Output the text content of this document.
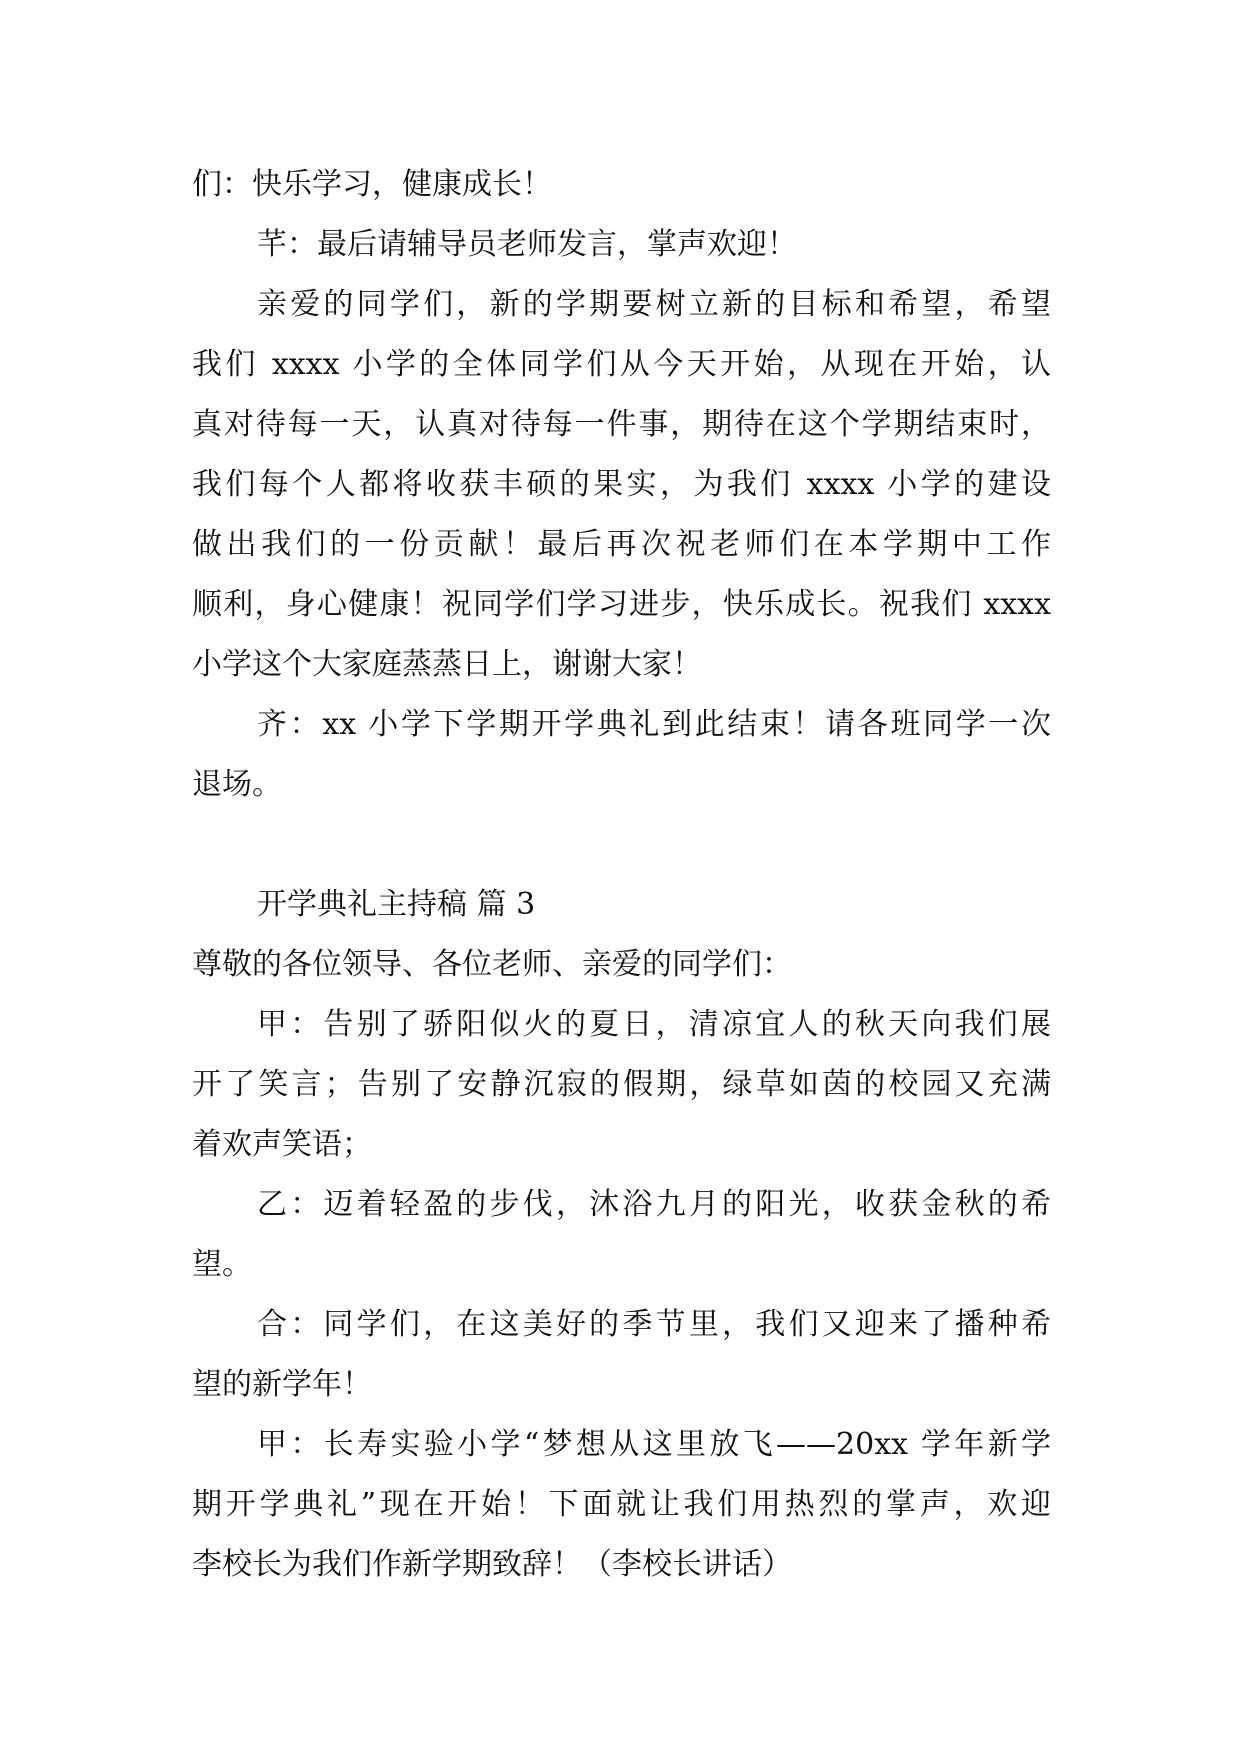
们：快乐学习，健康成长！
芊：最后请辅导员老师发言，掌声欢迎！
亲爱的同学们，新的学期要树立新的目标和希望，希望
我们 xxxx 小学的全体同学们从今天开始，从现在开始，认
真对待每一天，认真对待每一件事，期待在这个学期结束时，
我们每个人都将收获丰硕的果实，为我们 xxxx 小学的建设
做出我们的一份贡献！最后再次祝老师们在本学期中工作
顺利，身心健康！祝同学们学习进步，快乐成长。祝我们 xxxx
小学这个大家庭蒸蒸日上，谢谢大家！
齐：xx 小学下学期开学典礼到此结束！请各班同学一次
退场。
开学典礼主持稿 篇 3
尊敬的各位领导、各位老师、亲爱的同学们：
甲：告别了骄阳似火的夏日，清凉宜人的秋天向我们展
开了笑言；告别了安静沉寂的假期，绿草如茵的校园又充满
着欢声笑语；
乙：迈着轻盈的步伐，沐浴九月的阳光，收获金秋的希
望。
合：同学们，在这美好的季节里，我们又迎来了播种希
望的新学年！
甲：长寿实验小学“梦想从这里放飞——20xx 学年新学
期开学典礼”现在开始！下面就让我们用热烈的掌声，欢迎
李校长为我们作新学期致辞！（李校长讲话）
